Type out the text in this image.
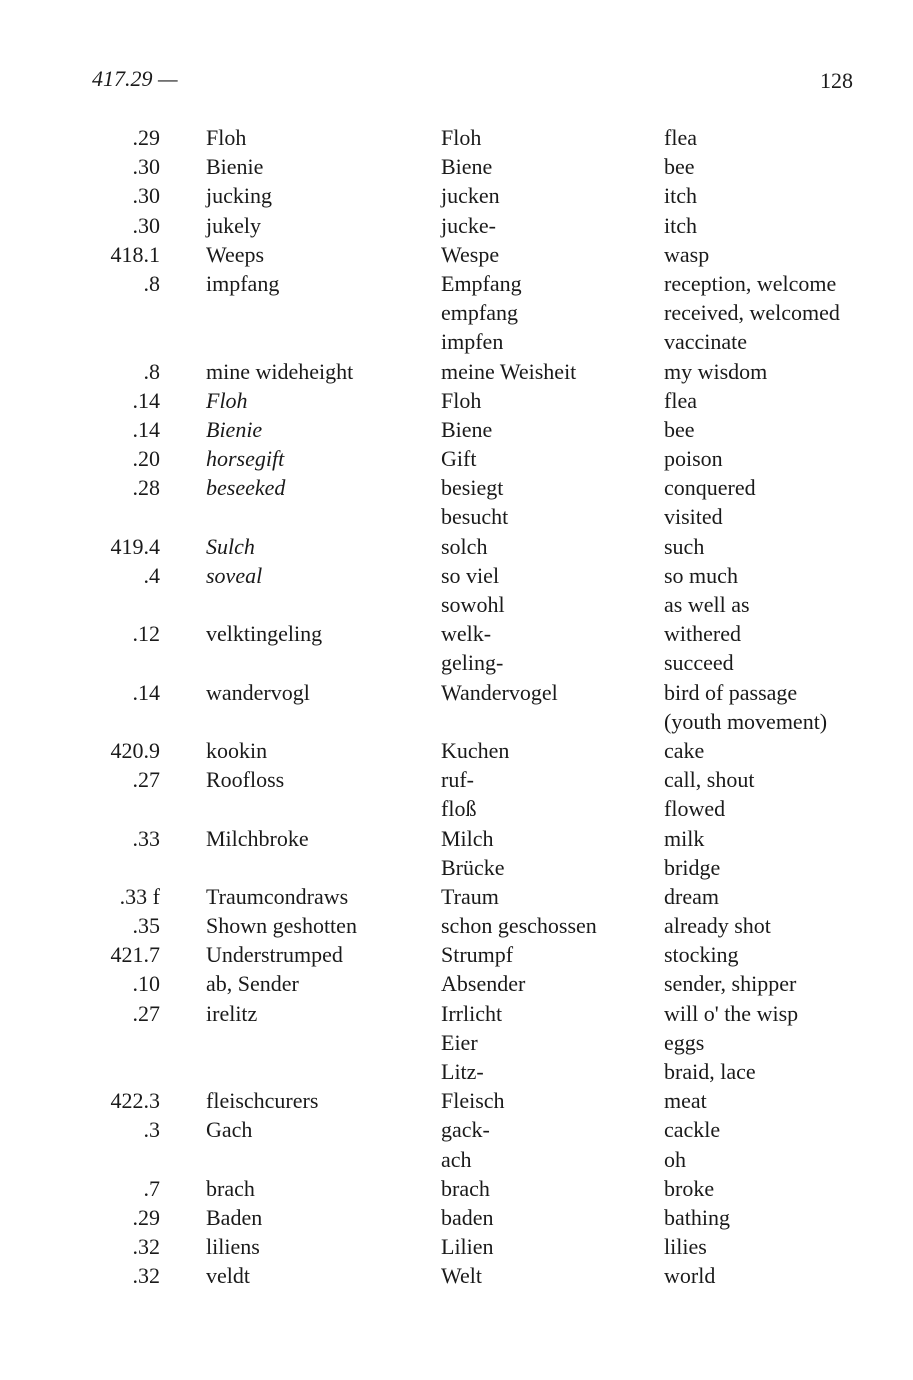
417.29 —	128
.29 Floh	Floh	flea
.30 Bienie	Biene	bee
.30 jucking	jucken	itch
.30 jukely	jucke-	itch
418.1 Weeps	Wespe	wasp
.8 impfang	Empfang	reception, welcome
empfang	received, welcomed
impfen	vaccinate
.8 mine wideheight	meine Weisheit	my wisdom
.14 Floh	Floh	flea
.14 Bienie	Biene	bee
.20 horsegift	Gift	poison
.28 beseeked	besiegt	conquered
besucht	visited
419.4 Sulch	solch	such
.4 soveal	so viel	so much
sowohl	as well as
.12 velktingeling	welk-	withered
geling-	succeed
.14 wandervogl	Wandervogel	bird of passage
(youth movement)
420.9 kookin	Kuchen	cake
.27 Roofloss	ruf-	call, shout
floß	flowed
.33 Milchbroke	Milch	milk
Brücke	bridge
.33 f Traumcondraws	Traum	dream
.35 Shown geshotten	schon geschossen	already shot
421.7 Understrumped	Strumpf	stocking
.10 ab, Sender	Absender	sender, shipper
.27 irelitz	Irrlicht	will o' the wisp
Eier	eggs
Litz-	braid, lace
422.3 fleischcurers	Fleisch	meat
.3 Gach	gack-	cackle
ach	oh
.7 brach	brach	broke
.29 Baden	baden	bathing
.32 liliens	Lilien	lilies
.32 veldt	Welt	world
